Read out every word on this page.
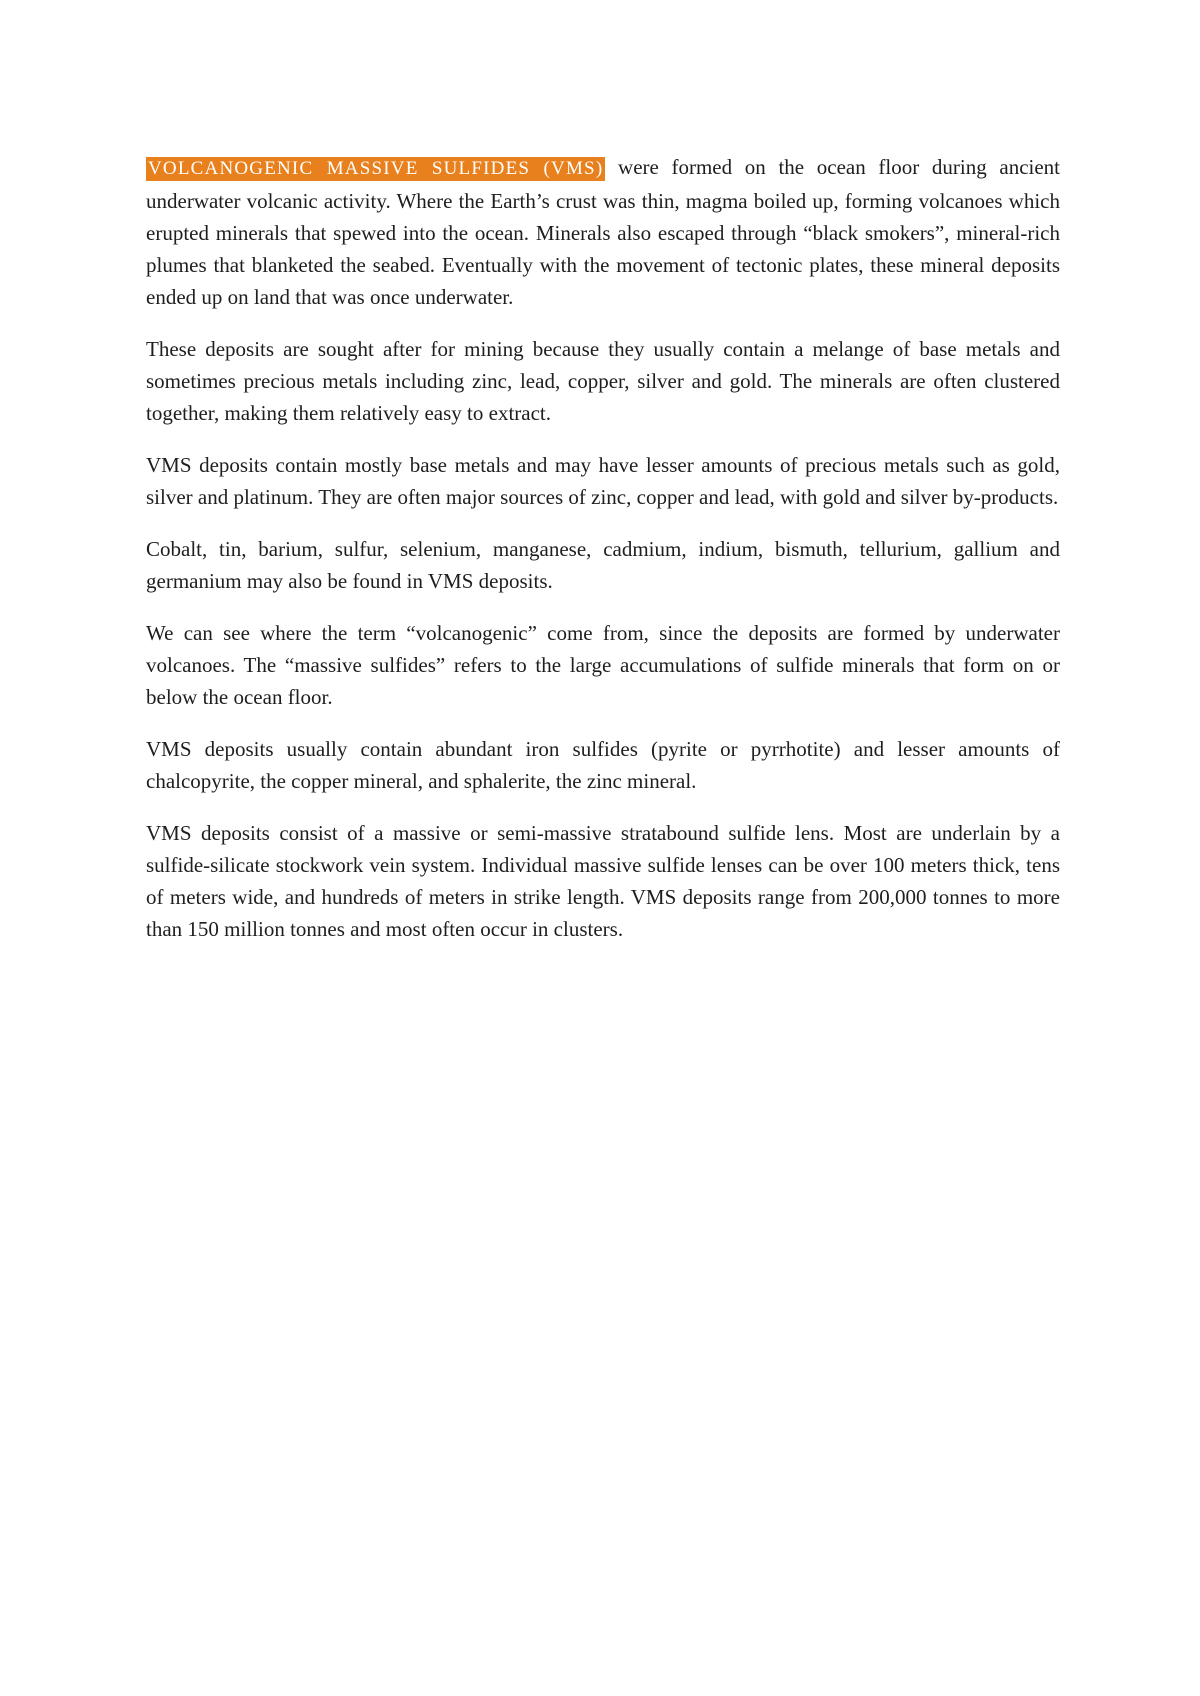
VOLCANOGENIC MASSIVE SULFIDES (VMS) were formed on the ocean floor during ancient underwater volcanic activity. Where the Earth’s crust was thin, magma boiled up, forming volcanoes which erupted minerals that spewed into the ocean. Minerals also escaped through “black smokers”, mineral-rich plumes that blanketed the seabed. Eventually with the movement of tectonic plates, these mineral deposits ended up on land that was once underwater.

These deposits are sought after for mining because they usually contain a melange of base metals and sometimes precious metals including zinc, lead, copper, silver and gold. The minerals are often clustered together, making them relatively easy to extract.

VMS deposits contain mostly base metals and may have lesser amounts of precious metals such as gold, silver and platinum. They are often major sources of zinc, copper and lead, with gold and silver by-products.

Cobalt, tin, barium, sulfur, selenium, manganese, cadmium, indium, bismuth, tellurium, gallium and germanium may also be found in VMS deposits.

We can see where the term “volcanogenic” come from, since the deposits are formed by underwater volcanoes. The “massive sulfides” refers to the large accumulations of sulfide minerals that form on or below the ocean floor.

VMS deposits usually contain abundant iron sulfides (pyrite or pyrrhotite) and lesser amounts of chalcopyrite, the copper mineral, and sphalerite, the zinc mineral.

VMS deposits consist of a massive or semi-massive stratabound sulfide lens. Most are underlain by a sulfide-silicate stockwork vein system. Individual massive sulfide lenses can be over 100 meters thick, tens of meters wide, and hundreds of meters in strike length. VMS deposits range from 200,000 tonnes to more than 150 million tonnes and most often occur in clusters.
